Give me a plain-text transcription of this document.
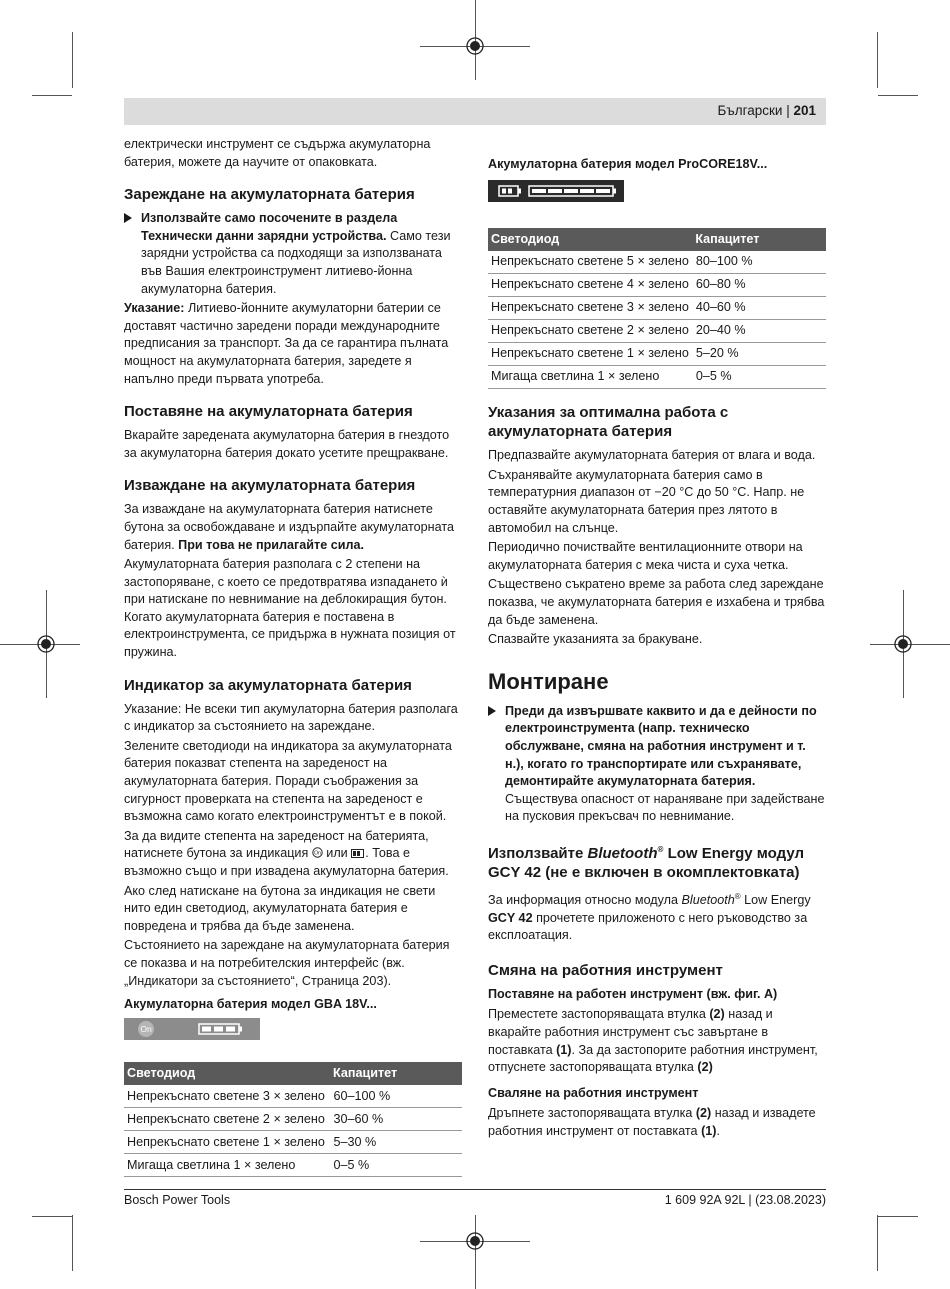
Български | 201

електрически инструмент се съдържа акумулаторна батерия, можете да научите от опаковката.

Зареждане на акумулаторната батерия
Използвайте само посочените в раздела Технически данни зарядни устройства. Само тези зарядни устройства са подходящи за използваната във Вашия електроинструмент литиево-йонна акумулаторна батерия.

Указание: Литиево-йонните акумулаторни батерии се доставят частично заредени поради международните предписания за транспорт. За да се гарантира пълната мощност на акумулаторната батерия, заредете я напълно преди първата употреба.

Поставяне на акумулаторната батерия

Вкарайте заредената акумулаторна батерия в гнездото за акумулаторна батерия докато усетите прещракване.

Изваждане на акумулаторната батерия

За изваждане на акумулаторната батерия натиснете бутона за освобождаване и издърпайте акумулаторната батерия. При това не прилагайте сила.

Акумулаторната батерия разполага с 2 степени на застопоряване, с което се предотвратява изпадането ѝ при натискане по невнимание на деблокиращия бутон. Когато акумулаторната батерия е поставена в електроинструмента, се придържа в нужната позиция от пружина.

Индикатор за акумулаторната батерия

Указание: Не всеки тип акумулаторна батерия разполага с индикатор за състоянието на зареждане.

Зелените светодиоди на индикатора за акумулаторната батерия показват степента на зареденост на акумулаторната батерия. Поради съображения за сигурност проверката на степента на зареденост е възможна само когато електроинструментът е в покой.

За да видите степента на зареденост на батерията, натиснете бутона за индикация On или . Това е възможно също и при извадена акумулаторна батерия.

Ако след натискане на бутона за индикация не свети нито един светодиод, акумулаторната батерия е повредена и трябва да бъде заменена.

Състоянието на зареждане на акумулаторната батерия се показва и на потребителския интерфейс (вж. „Индикатори за състоянието“, Страница 203).

Акумулаторна батерия модел GBA 18V...
On
Светодиод	Капацитет
Непрекъснато светене 3 × зелено	60–100 %
Непрекъснато светене 2 × зелено	30–60 %
Непрекъснато светене 1 × зелено	5–30 %
Мигаща светлина 1 × зелено	0–5 %
Акумулаторна батерия модел ProCORE18V...
Светодиод	Капацитет
Непрекъснато светене 5 × зелено	80–100 %
Непрекъснато светене 4 × зелено	60–80 %
Непрекъснато светене 3 × зелено	40–60 %
Непрекъснато светене 2 × зелено	20–40 %
Непрекъснато светене 1 × зелено	5–20 %
Мигаща светлина 1 × зелено	0–5 %
Указания за оптимална работа с акумулаторната батерия

Предпазвайте акумулаторната батерия от влага и вода.

Съхранявайте акумулаторната батерия само в температурния диапазон от −20 °C до 50 °C. Напр. не оставяйте акумулаторната батерия през лятото в автомобил на слънце.

Периодично почиствайте вентилационните отвори на акумулаторната батерия с мека чиста и суха четка.

Съществено съкратено време за работа след зареждане показва, че акумулаторната батерия е изхабена и трябва да бъде заменена.

Спазвайте указанията за бракуване.

Монтиране
Преди да извършвате каквито и да е дейности по електроинструмента (напр. техническо обслужване, смяна на работния инструмент и т. н.), когато го транспортирате или съхранявате, демонтирайте акумулаторната батерия. Съществува опасност от нараняване при задействане на пусковия прекъсвач по невнимание.
Използвайте Bluetooth® Low Energy модул GCY 42 (не е включен в окомплектовката)

За информация относно модула Bluetooth® Low Energy GCY 42 прочетете приложеното с него ръководство за експлоатация.

Смяна на работния инструмент
Поставяне на работен инструмент (вж. фиг. A)

Преместете застопоряващата втулка (2) назад и вкарайте работния инструмент със завъртане в поставката (1). За да застопорите работния инструмент, отпуснете застопоряващата втулка (2)

Сваляне на работния инструмент

Дръпнете застопоряващата втулка (2) назад и извадете работния инструмент от поставката (1).

Bosch Power Tools	1 609 92A 92L | (23.08.2023)
